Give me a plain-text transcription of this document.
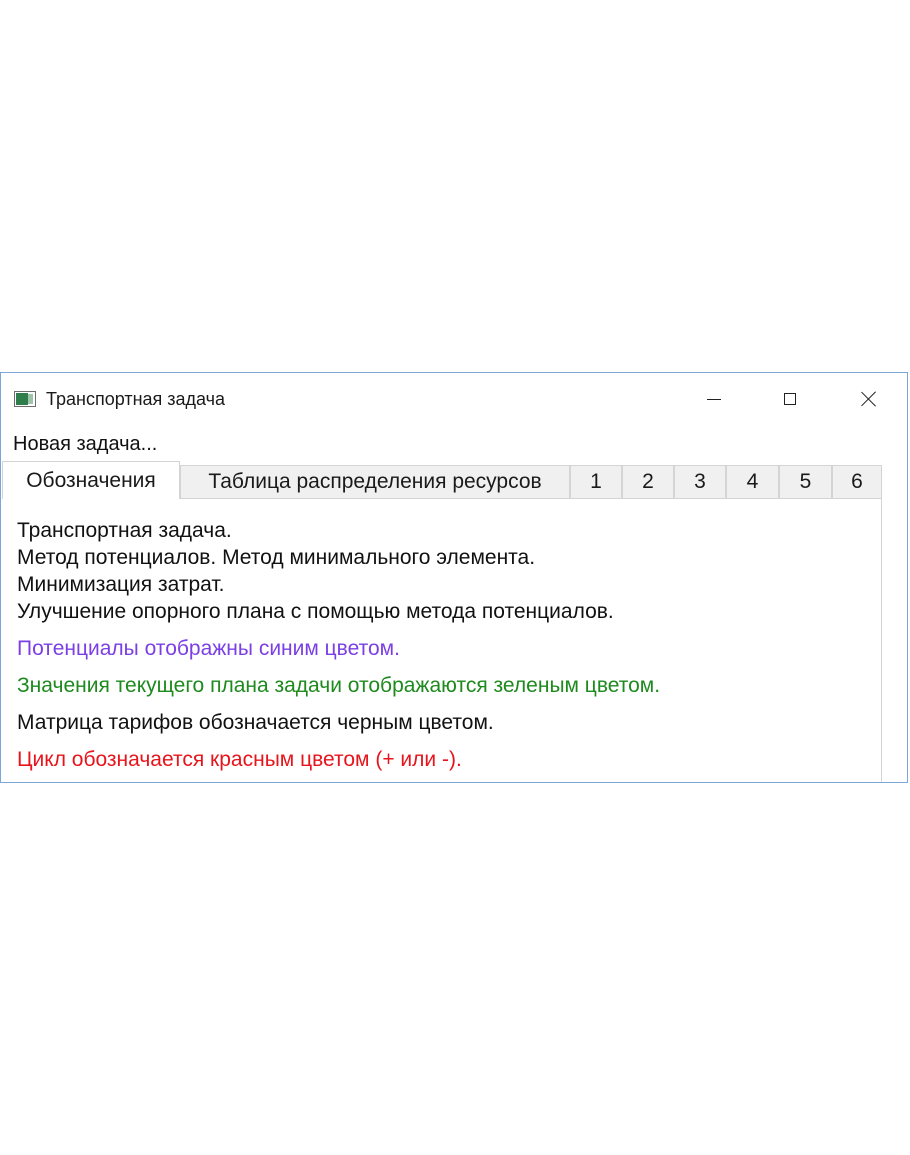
Транспортная задача
Новая задача...
Обозначения	Таблица распределения ресурсов	1	2	3	4	5	6
Транспортная задача.
Метод потенциалов. Метод минимального элемента.
Минимизация затрат.
Улучшение опорного плана с помощью метода потенциалов.
Потенциалы отображны синим цветом.
Значения текущего плана задачи отображаются зеленым цветом.
Матрица тарифов обозначается черным цветом.
Цикл обозначается красным цветом (+ или -).
